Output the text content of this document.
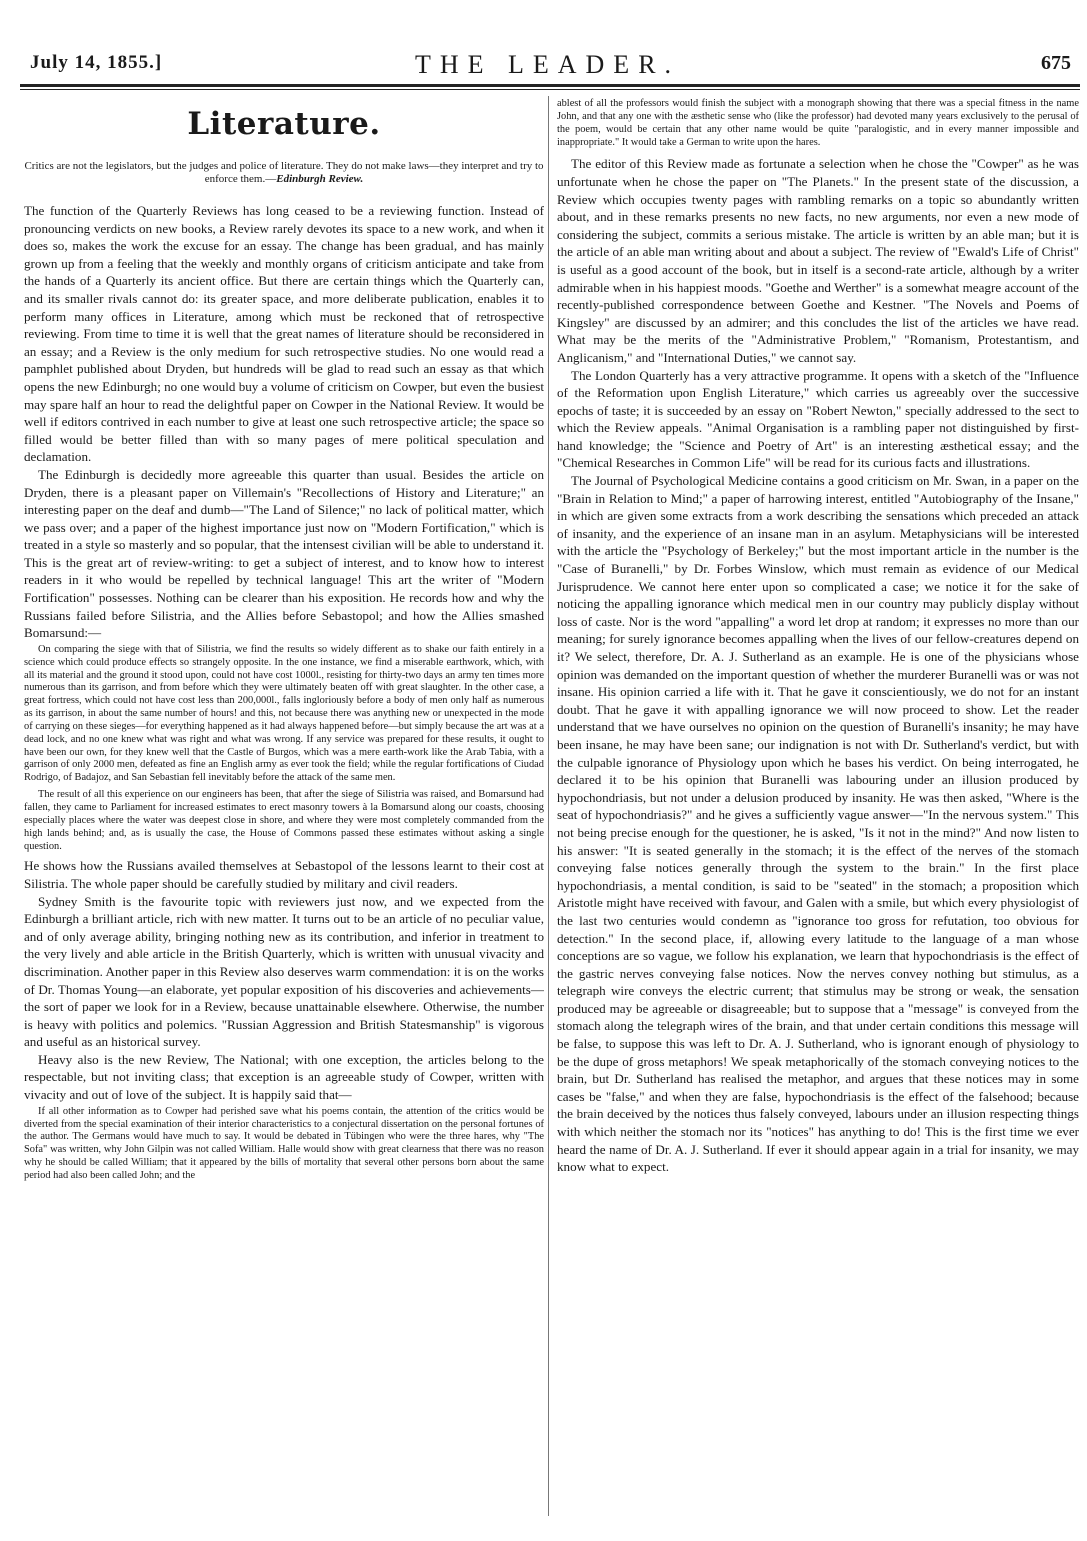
July 14, 1855.]	THE LEADER.	675
Literature.
Critics are not the legislators, but the judges and police of literature. They do not make laws—they interpret and try to enforce them.—Edinburgh Review.

The function of the Quarterly Reviews has long ceased to be a reviewing function. Instead of pronouncing verdicts on new books, a Review rarely devotes its space to a new work, and when it does so, makes the work the excuse for an essay. The change has been gradual, and has mainly grown up from a feeling that the weekly and monthly organs of criticism anticipate and take from the hands of a Quarterly its ancient office. But there are certain things which the Quarterly can, and its smaller rivals cannot do: its greater space, and more deliberate publication, enables it to perform many offices in Literature, among which must be reckoned that of retrospective reviewing. From time to time it is well that the great names of literature should be reconsidered in an essay; and a Review is the only medium for such retrospective studies. No one would read a pamphlet published about Dryden, but hundreds will be glad to read such an essay as that which opens the new Edinburgh; no one would buy a volume of criticism on Cowper, but even the busiest may spare half an hour to read the delightful paper on Cowper in the National Review. It would be well if editors contrived in each number to give at least one such retrospective article; the space so filled would be better filled than with so many pages of mere political speculation and declamation.

The Edinburgh is decidedly more agreeable this quarter than usual. Besides the article on Dryden, there is a pleasant paper on Villemain's "Recollections of History and Literature;" an interesting paper on the deaf and dumb—"The Land of Silence;" no lack of political matter, which we pass over; and a paper of the highest importance just now on "Modern Fortification," which is treated in a style so masterly and so popular, that the intensest civilian will be able to understand it. This is the great art of review-writing: to get a subject of interest, and to know how to interest readers in it who would be repelled by technical language! This art the writer of "Modern Fortification" possesses. Nothing can be clearer than his exposition. He records how and why the Russians failed before Silistria, and the Allies before Sebastopol; and how the Allies smashed Bomarsund:—

On comparing the siege with that of Silistria, we find the results so widely different as to shake our faith entirely in a science which could produce effects so strangely opposite. In the one instance, we find a miserable earthwork, which, with all its material and the ground it stood upon, could not have cost 1000l., resisting for thirty-two days an army ten times more numerous than its garrison, and from before which they were ultimately beaten off with great slaughter. In the other case, a great fortress, which could not have cost less than 200,000l., falls ingloriously before a body of men only half as numerous as its garrison, in about the same number of hours! and this, not because there was anything new or unexpected in the mode of carrying on these sieges—for everything happened as it had always happened before—but simply because the art was at a dead lock, and no one knew what was right and what was wrong. If any service was prepared for these results, it ought to have been our own, for they knew well that the Castle of Burgos, which was a mere earth-work like the Arab Tabia, with a garrison of only 2000 men, defeated as fine an English army as ever took the field; while the regular fortifications of Ciudad Rodrigo, of Badajoz, and San Sebastian fell inevitably before the attack of the same men.

The result of all this experience on our engineers has been, that after the siege of Silistria was raised, and Bomarsund had fallen, they came to Parliament for increased estimates to erect masonry towers à la Bomarsund along our coasts, choosing especially places where the water was deepest close in shore, and where they were most completely commanded from the high lands behind; and, as is usually the case, the House of Commons passed these estimates without asking a single question.

He shows how the Russians availed themselves at Sebastopol of the lessons learnt to their cost at Silistria. The whole paper should be carefully studied by military and civil readers.

Sydney Smith is the favourite topic with reviewers just now, and we expected from the Edinburgh a brilliant article, rich with new matter. It turns out to be an article of no peculiar value, and of only average ability, bringing nothing new as its contribution, and inferior in treatment to the very lively and able article in the British Quarterly, which is written with unusual vivacity and discrimination. Another paper in this Review also deserves warm commendation: it is on the works of Dr. Thomas Young—an elaborate, yet popular exposition of his discoveries and achievements—the sort of paper we look for in a Review, because unattainable elsewhere. Otherwise, the number is heavy with politics and polemics. "Russian Aggression and British Statesmanship" is vigorous and useful as an historical survey.

Heavy also is the new Review, The National; with one exception, the articles belong to the respectable, but not inviting class; that exception is an agreeable study of Cowper, written with vivacity and out of love of the subject. It is happily said that—

If all other information as to Cowper had perished save what his poems contain, the attention of the critics would be diverted from the special examination of their interior characteristics to a conjectural dissertation on the personal fortunes of the author. The Germans would have much to say. It would be debated in Tübingen who were the three hares, why "The Sofa" was written, why John Gilpin was not called William. Halle would show with great clearness that there was no reason why he should be called William; that it appeared by the bills of mortality that several other persons born about the same period had also been called John; and the

ablest of all the professors would finish the subject with a monograph showing that there was a special fitness in the name John, and that any one with the æsthetic sense who (like the professor) had devoted many years exclusively to the perusal of the poem, would be certain that any other name would be quite "paralogistic, and in every manner impossible and inappropriate." It would take a German to write upon the hares.

The editor of this Review made as fortunate a selection when he chose the "Cowper" as he was unfortunate when he chose the paper on "The Planets." In the present state of the discussion, a Review which occupies twenty pages with rambling remarks on a topic so abundantly written about, and in these remarks presents no new facts, no new arguments, nor even a new mode of considering the subject, commits a serious mistake. The article is written by an able man; but it is the article of an able man writing about and about a subject. The review of "Ewald's Life of Christ" is useful as a good account of the book, but in itself is a second-rate article, although by a writer admirable when in his happiest moods. "Goethe and Werther" is a somewhat meagre account of the recently-published correspondence between Goethe and Kestner. "The Novels and Poems of Kingsley" are discussed by an admirer; and this concludes the list of the articles we have read. What may be the merits of the "Administrative Problem," "Romanism, Protestantism, and Anglicanism," and "International Duties," we cannot say.

The London Quarterly has a very attractive programme. It opens with a sketch of the "Influence of the Reformation upon English Literature," which carries us agreeably over the successive epochs of taste; it is succeeded by an essay on "Robert Newton," specially addressed to the sect to which the Review appeals. "Animal Organisation is a rambling paper not distinguished by first-hand knowledge; the "Science and Poetry of Art" is an interesting æsthetical essay; and the "Chemical Researches in Common Life" will be read for its curious facts and illustrations.

The Journal of Psychological Medicine contains a good criticism on Mr. Swan, in a paper on the "Brain in Relation to Mind;" a paper of harrowing interest, entitled "Autobiography of the Insane," in which are given some extracts from a work describing the sensations which preceded an attack of insanity, and the experience of an insane man in an asylum. Metaphysicians will be interested with the article the "Psychology of Berkeley;" but the most important article in the number is the "Case of Buranelli," by Dr. Forbes Winslow, which must remain as evidence of our Medical Jurisprudence. We cannot here enter upon so complicated a case; we notice it for the sake of noticing the appalling ignorance which medical men in our country may publicly display without loss of caste. Nor is the word "appalling" a word let drop at random; it expresses no more than our meaning; for surely ignorance becomes appalling when the lives of our fellow-creatures depend on it? We select, therefore, Dr. A. J. Sutherland as an example. He is one of the physicians whose opinion was demanded on the important question of whether the murderer Buranelli was or was not insane. His opinion carried a life with it. That he gave it conscientiously, we do not for an instant doubt. That he gave it with appalling ignorance we will now proceed to show. Let the reader understand that we have ourselves no opinion on the question of Buranelli's insanity; he may have been insane, he may have been sane; our indignation is not with Dr. Sutherland's verdict, but with the culpable ignorance of Physiology upon which he bases his verdict. On being interrogated, he declared it to be his opinion that Buranelli was labouring under an illusion produced by hypochondriasis, but not under a delusion produced by insanity. He was then asked, "Where is the seat of hypochondriasis?" and he gives a sufficiently vague answer—"In the nervous system." This not being precise enough for the questioner, he is asked, "Is it not in the mind?" And now listen to his answer: "It is seated generally in the stomach; it is the effect of the nerves of the stomach conveying false notices generally through the system to the brain." In the first place hypochondriasis, a mental condition, is said to be "seated" in the stomach; a proposition which Aristotle might have received with favour, and Galen with a smile, but which every physiologist of the last two centuries would condemn as "ignorance too gross for refutation, too obvious for detection." In the second place, if, allowing every latitude to the language of a man whose conceptions are so vague, we follow his explanation, we learn that hypochondriasis is the effect of the gastric nerves conveying false notices. Now the nerves convey nothing but stimulus, as a telegraph wire conveys the electric current; that stimulus may be strong or weak, the sensation produced may be agreeable or disagreeable; but to suppose that a "message" is conveyed from the stomach along the telegraph wires of the brain, and that under certain conditions this message will be false, to suppose this was left to Dr. A. J. Sutherland, who is ignorant enough of physiology to be the dupe of gross metaphors! We speak metaphorically of the stomach conveying notices to the brain, but Dr. Sutherland has realised the metaphor, and argues that these notices may in some cases be "false," and when they are false, hypochondriasis is the effect of the falsehood; because the brain deceived by the notices thus falsely conveyed, labours under an illusion respecting things with which neither the stomach nor its "notices" has anything to do! This is the first time we ever heard the name of Dr. A. J. Sutherland. If ever it should appear again in a trial for insanity, we may know what to expect.
